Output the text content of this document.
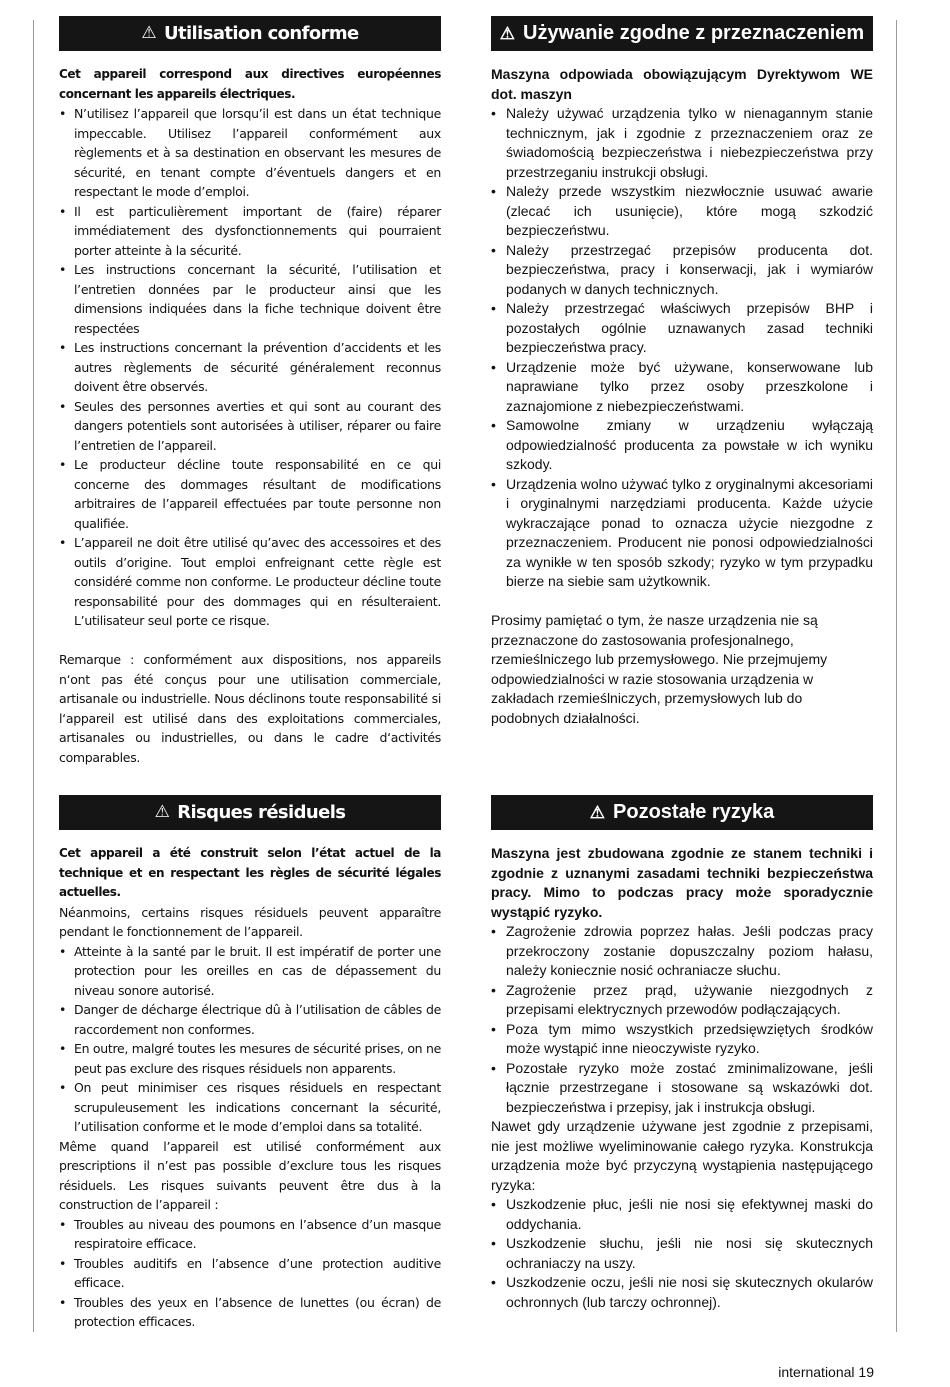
⚠ Utilisation conforme

Cet appareil correspond aux directives européennes concernant les appareils électriques.

• N’utilisez l’appareil que lorsqu’il est dans un état technique impeccable. Utilisez l’appareil conformément aux règlements et à sa destination en observant les mesures de sécurité, en tenant compte d’éventuels dangers et en respectant le mode d’emploi.
• Il est particulièrement important de (faire) réparer immédiatement des dysfonctionnements qui pourraient porter atteinte à la sécurité.
• Les instructions concernant la sécurité, l’utilisation et l’entretien données par le producteur ainsi que les dimensions indiquées dans la fiche technique doivent être respectées
• Les instructions concernant la prévention d’accidents et les autres règlements de sécurité généralement reconnus doivent être observés.
• Seules des personnes averties et qui sont au courant des dangers potentiels sont autorisées à utiliser, réparer ou faire l’entretien de l’appareil.
• Le producteur décline toute responsabilité en ce qui concerne des dommages résultant de modifications arbitraires de l’appareil effectuées par toute personne non qualifiée.
• L’appareil ne doit être utilisé qu’avec des accessoires et des outils d’origine. Tout emploi enfreignant cette règle est considéré comme non conforme. Le producteur décline toute responsabilité pour des dommages qui en résulteraient. L’utilisateur seul porte ce risque.

Remarque : conformément aux dispositions, nos appareils n‘ont pas été conçus pour une utilisation commerciale, artisanale ou industrielle. Nous déclinons toute responsabilité si l‘appareil est utilisé dans des exploitations commerciales, artisanales ou industrielles, ou dans le cadre d‘activités comparables.

⚠ Używanie zgodne z przeznaczeniem

Maszyna odpowiada obowiązującym Dyrektywom WE dot. maszyn

• Należy używać urządzenia tylko w nienagannym stanie technicznym, jak i zgodnie z przeznaczeniem oraz ze świadomością bezpieczeństwa i niebezpieczeństwa przy przestrzeganiu instrukcji obsługi.
• Należy przede wszystkim niezwłocznie usuwać awarie (zlecać ich usunięcie), które mogą szkodzić bezpieczeństwu.
• Należy przestrzegać przepisów producenta dot. bezpieczeństwa, pracy i konserwacji, jak i wymiarów podanych w danych technicznych.
• Należy przestrzegać właściwych przepisów BHP i pozostałych ogólnie uznawanych zasad techniki bezpieczeństwa pracy.
• Urządzenie może być używane, konserwowane lub naprawiane tylko przez osoby przeszkolone i zaznajomione z niebezpieczeństwami.
• Samowolne zmiany w urządzeniu wyłączają odpowiedzialność producenta za powstałe w ich wyniku szkody.
• Urządzenia wolno używać tylko z oryginalnymi akcesoriami i oryginalnymi narzędziami producenta. Każde użycie wykraczające ponad to oznacza użycie niezgodne z przeznaczeniem. Producent nie ponosi odpowiedzialności za wynikłe w ten sposób szkody; ryzyko w tym przypadku bierze na siebie sam użytkownik.

Prosimy pamiętać o tym, że nasze urządzenia nie są przeznaczone do zastosowania profesjonalnego, rzemieślniczego lub przemysłowego. Nie przejmujemy odpowiedzialności w razie stosowania urządzenia w zakładach rzemieślniczych, przemysłowych lub do podobnych działalności.

⚠ Risques résiduels

Cet appareil a été construit selon l’état actuel de la technique et en respectant les règles de sécurité légales actuelles.

Néanmoins, certains risques résiduels peuvent apparaître pendant le fonctionnement de l’appareil.

• Atteinte à la santé par le bruit. Il est impératif de porter une protection pour les oreilles en cas de dépassement du niveau sonore autorisé.
• Danger de décharge électrique dû à l’utilisation de câbles de raccordement non conformes.
• En outre, malgré toutes les mesures de sécurité prises, on ne peut pas exclure des risques résiduels non apparents.
• On peut minimiser ces risques résiduels en respectant scrupuleusement les indications concernant la sécurité, l’utilisation conforme et le mode d’emploi dans sa totalité.

Même quand l’appareil est utilisé conformément aux prescriptions il n’est pas possible d’exclure tous les risques résiduels. Les risques suivants peuvent être dus à la construction de l’appareil :

• Troubles au niveau des poumons en l’absence d’un masque respiratoire efficace.
• Troubles auditifs en l’absence d’une protection auditive efficace.
• Troubles des yeux en l’absence de lunettes (ou écran) de protection efficaces.
⚠ Pozostałe ryzyka

Maszyna jest zbudowana zgodnie ze stanem techniki i zgodnie z uznanymi zasadami techniki bezpieczeństwa pracy. Mimo to podczas pracy może sporadycznie wystąpić ryzyko.

• Zagrożenie zdrowia poprzez hałas. Jeśli podczas pracy przekroczony zostanie dopuszczalny poziom hałasu, należy koniecznie nosić ochraniacze słuchu.
• Zagrożenie przez prąd, używanie niezgodnych z przepisami elektrycznych przewodów podłączających.
• Poza tym mimo wszystkich przedsięwziętych środków może wystąpić inne nieoczywiste ryzyko.
• Pozostałe ryzyko może zostać zminimalizowane, jeśli łącznie przestrzegane i stosowane są wskazówki dot. bezpieczeństwa i przepisy, jak i instrukcja obsługi.

Nawet gdy urządzenie używane jest zgodnie z przepisami, nie jest możliwe wyeliminowanie całego ryzyka. Konstrukcja urządzenia może być przyczyną wystąpienia następującego ryzyka:

• Uszkodzenie płuc, jeśli nie nosi się efektywnej maski do oddychania.
• Uszkodzenie słuchu, jeśli nie nosi się skutecznych ochraniaczy na uszy.
• Uszkodzenie oczu, jeśli nie nosi się skutecznych okularów ochronnych (lub tarczy ochronnej).
international 19
